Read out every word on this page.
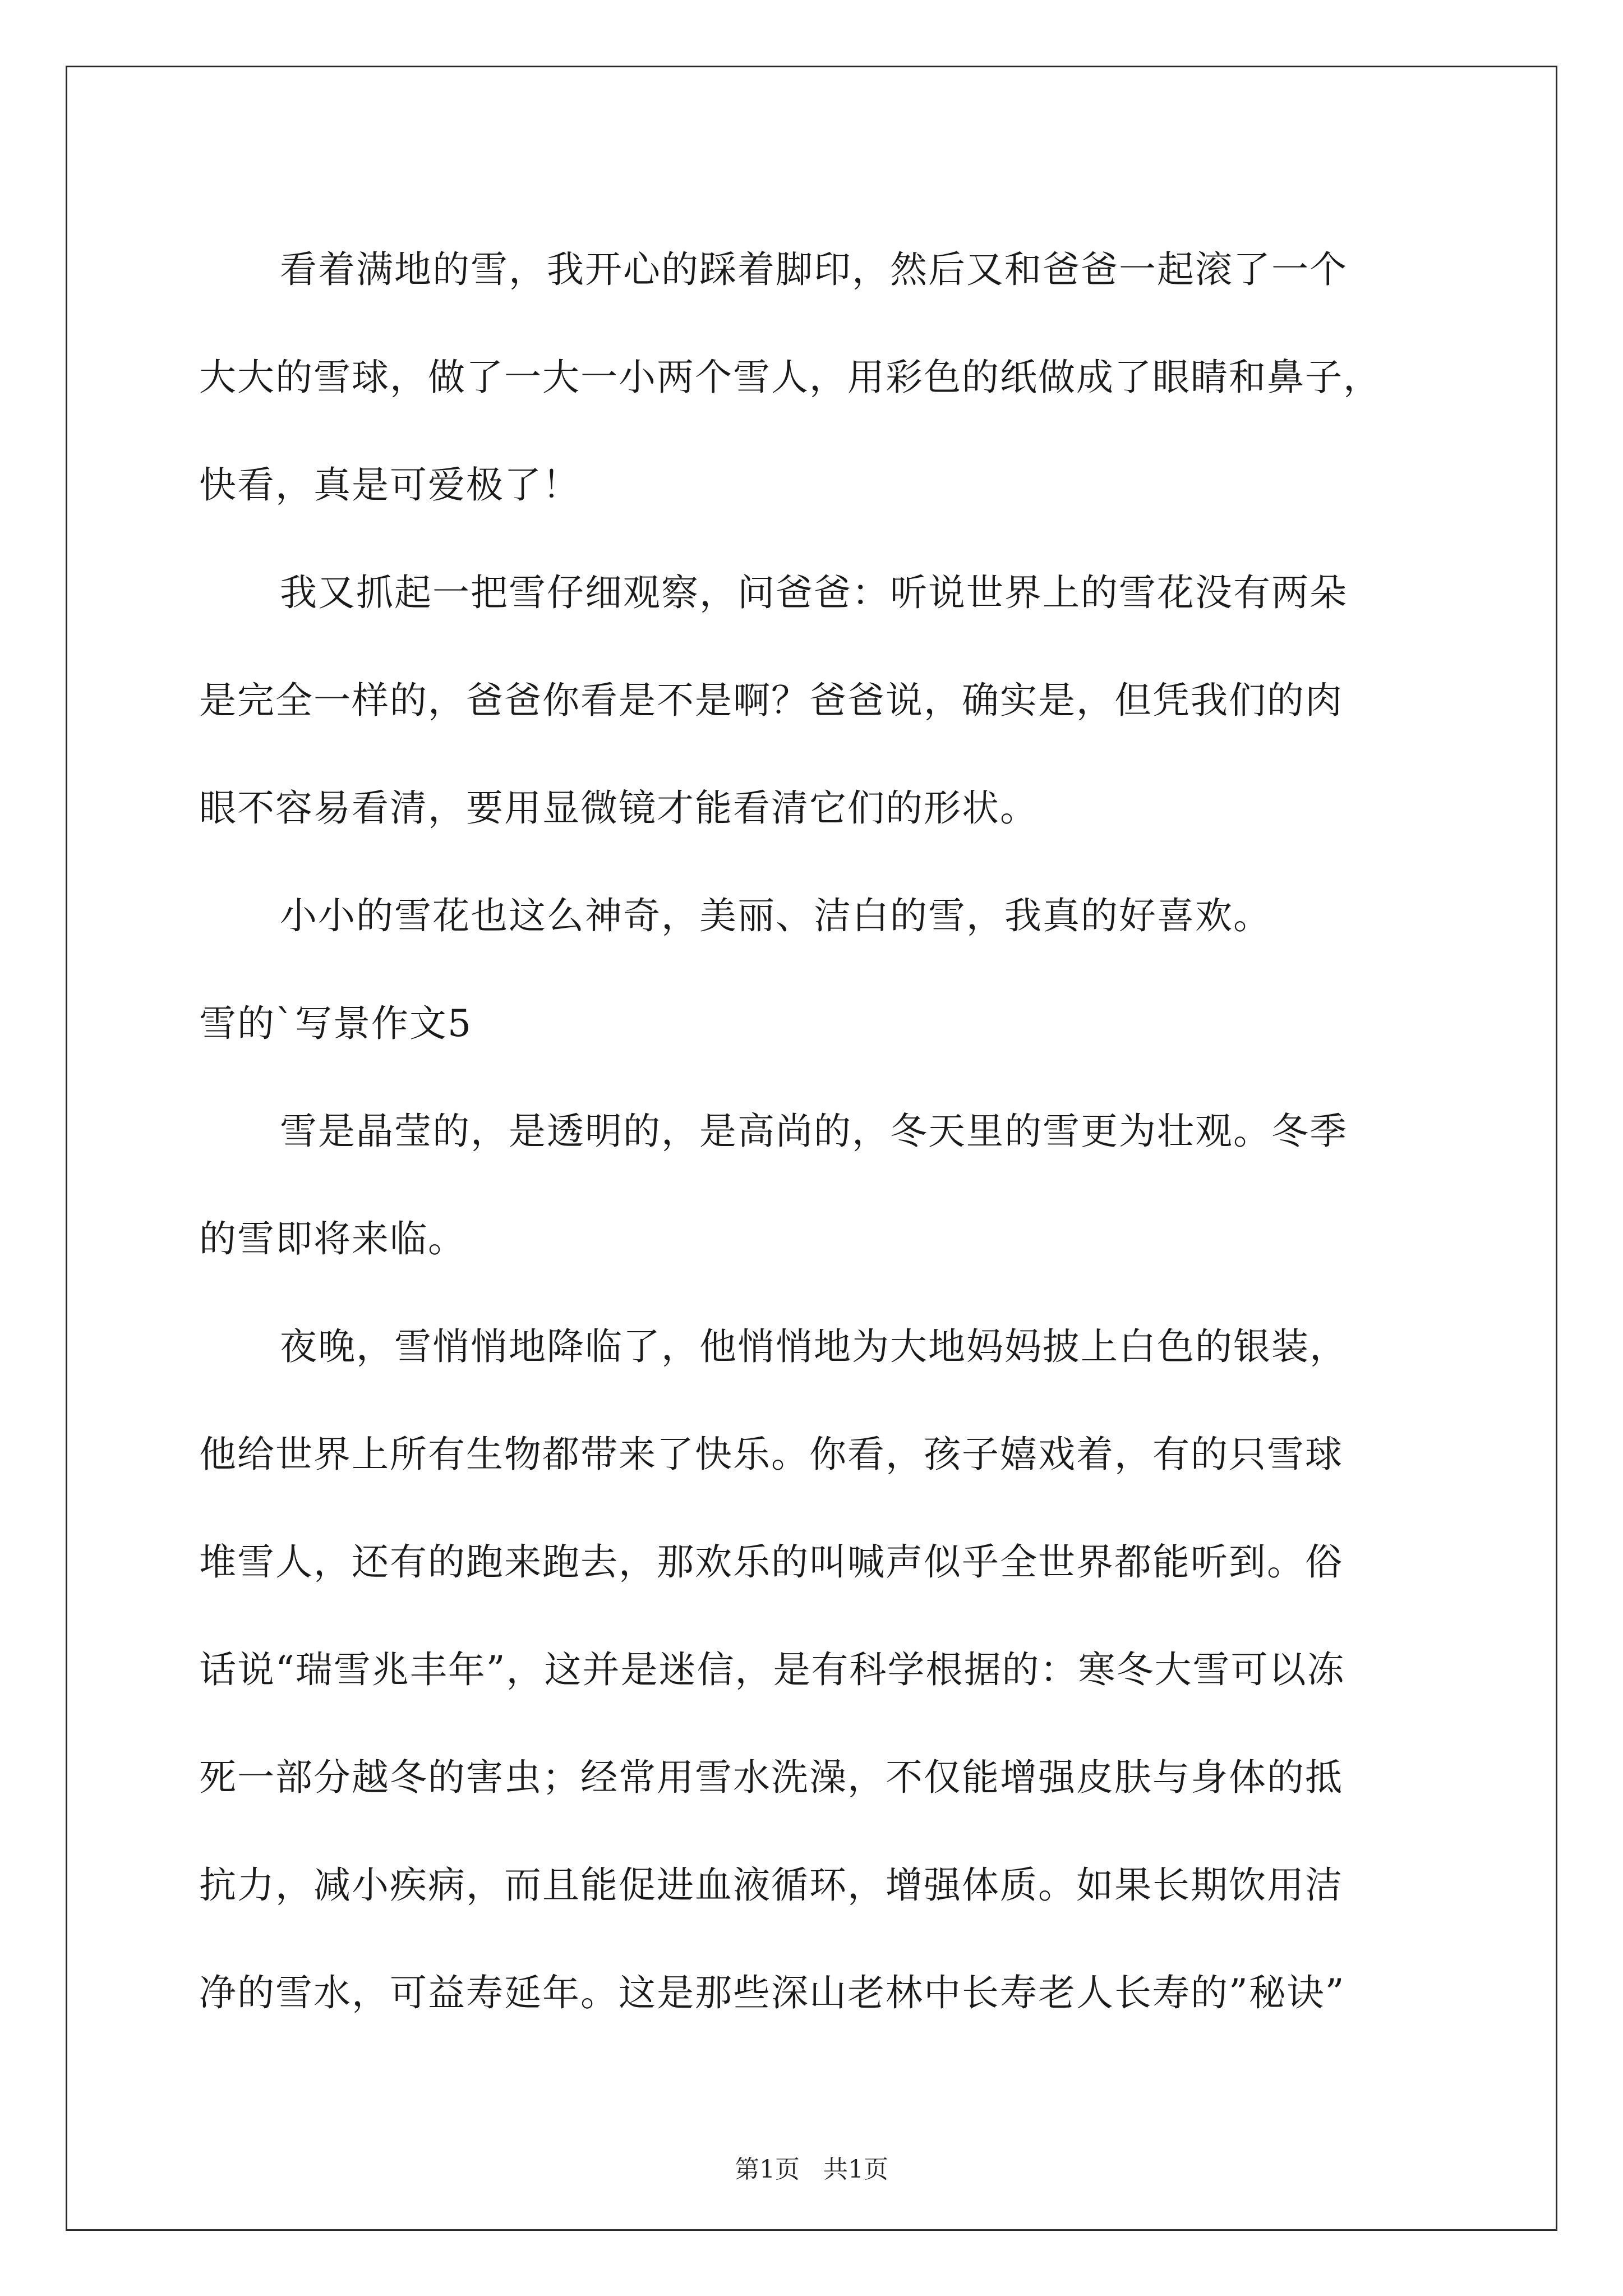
看着满地的雪，我开心的踩着脚印，然后又和爸爸一起滚了一个
大大的雪球，做了一大一小两个雪人，用彩色的纸做成了眼睛和鼻子，
快看，真是可爱极了！

我又抓起一把雪仔细观察，问爸爸：听说世界上的雪花没有两朵
是完全一样的，爸爸你看是不是啊？爸爸说，确实是，但凭我们的肉
眼不容易看清，要用显微镜才能看清它们的形状。

小小的雪花也这么神奇，美丽、洁白的雪，我真的好喜欢。

雪的`写景作文5

雪是晶莹的，是透明的，是高尚的，冬天里的雪更为壮观。冬季
的雪即将来临。

夜晚，雪悄悄地降临了，他悄悄地为大地妈妈披上白色的银装，
他给世界上所有生物都带来了快乐。你看，孩子嬉戏着，有的只雪球
堆雪人，还有的跑来跑去，那欢乐的叫喊声似乎全世界都能听到。俗
话说“瑞雪兆丰年”，这并是迷信，是有科学根据的：寒冬大雪可以冻
死一部分越冬的害虫；经常用雪水洗澡，不仅能增强皮肤与身体的抵
抗力，减小疾病，而且能促进血液循环，增强体质。如果长期饮用洁
净的雪水，可益寿延年。这是那些深山老林中长寿老人长寿的”秘诀”

第1页 共1页
